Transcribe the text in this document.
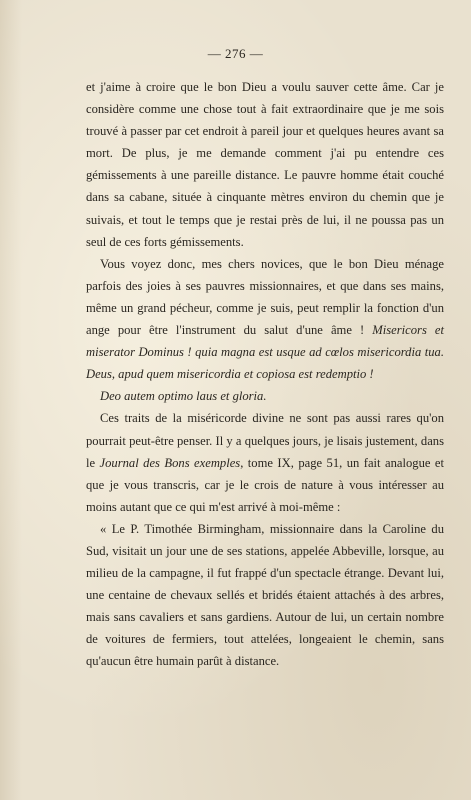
— 276 —

et j'aime à croire que le bon Dieu a voulu sauver cette âme. Car je considère comme une chose tout à fait extraordinaire que je me sois trouvé à passer par cet endroit à pareil jour et quelques heures avant sa mort. De plus, je me demande comment j'ai pu entendre ces gémissements à une pareille distance. Le pauvre homme était couché dans sa cabane, située à cinquante mètres environ du chemin que je suivais, et tout le temps que je restai près de lui, il ne poussa pas un seul de ces forts gémissements.

Vous voyez donc, mes chers novices, que le bon Dieu ménage parfois des joies à ses pauvres missionnaires, et que dans ses mains, même un grand pécheur, comme je suis, peut remplir la fonction d'un ange pour être l'instrument du salut d'une âme ! Misericors et miserator Dominus ! quia magna est usque ad cœlos misericordia tua. Deus, apud quem misericordia et copiosa est redemptio !

Deo autem optimo laus et gloria.

Ces traits de la miséricorde divine ne sont pas aussi rares qu'on pourrait peut-être penser. Il y a quelques jours, je lisais justement, dans le Journal des Bons exemples, tome IX, page 51, un fait analogue et que je vous transcris, car je le crois de nature à vous intéresser au moins autant que ce qui m'est arrivé à moi-même :

« Le P. Timothée Birmingham, missionnaire dans la Caroline du Sud, visitait un jour une de ses stations, appelée Abbeville, lorsque, au milieu de la campagne, il fut frappé d'un spectacle étrange. Devant lui, une centaine de chevaux sellés et bridés étaient attachés à des arbres, mais sans cavaliers et sans gardiens. Autour de lui, un certain nombre de voitures de fermiers, tout attelées, longeaient le chemin, sans qu'aucun être humain parût à distance.
